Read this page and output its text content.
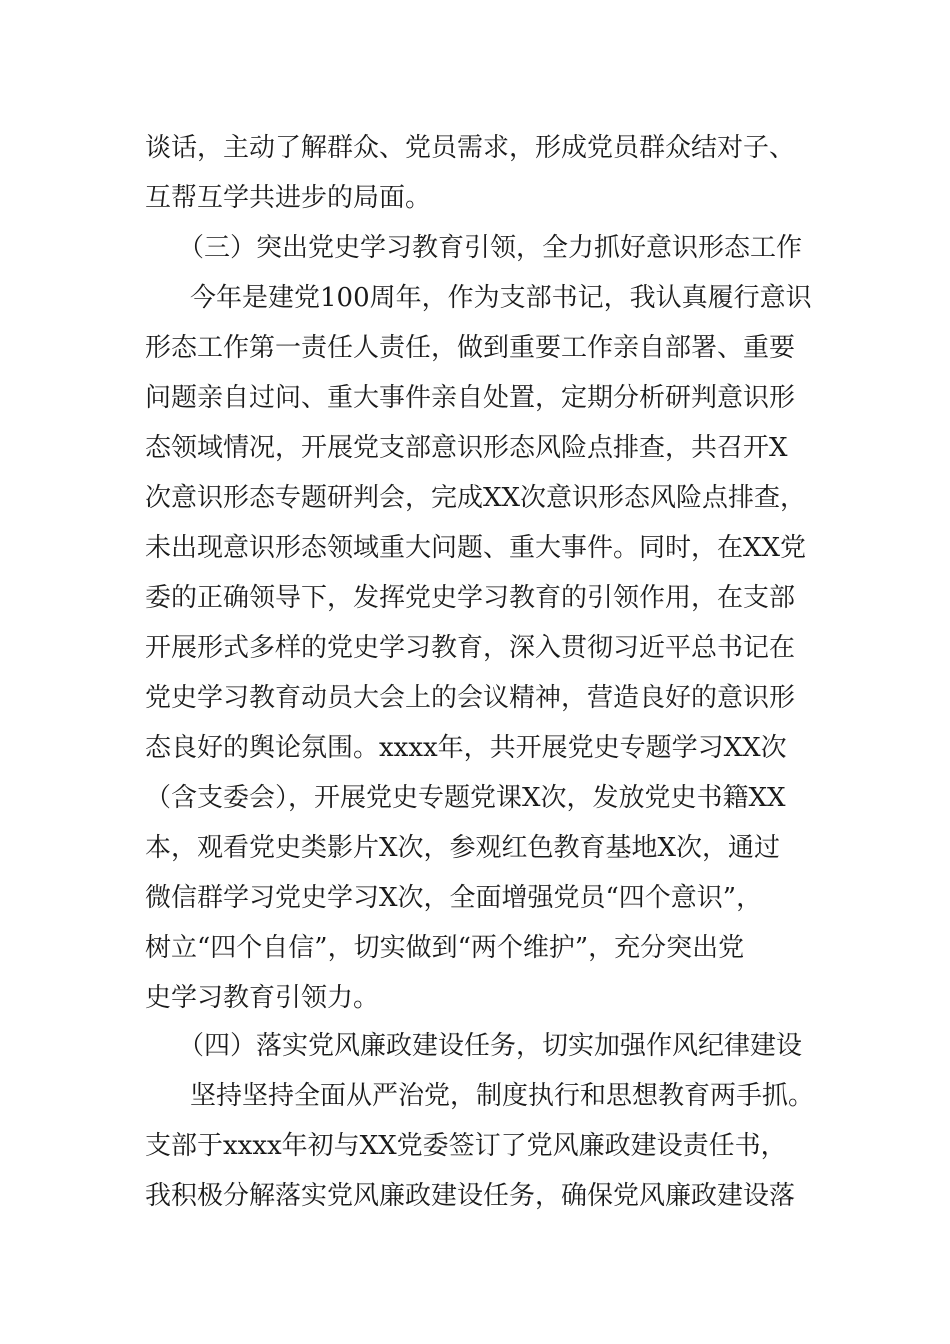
谈话，主动了解群众、党员需求，形成党员群众结对子、
互帮互学共进步的局面。
（三）突出党史学习教育引领，全力抓好意识形态工作
今年是建党100周年，作为支部书记，我认真履行意识
形态工作第一责任人责任，做到重要工作亲自部署、重要
问题亲自过问、重大事件亲自处置，定期分析研判意识形
态领域情况，开展党支部意识形态风险点排查，共召开X
次意识形态专题研判会，完成XX次意识形态风险点排查，
未出现意识形态领域重大问题、重大事件。同时，在XX党
委的正确领导下，发挥党史学习教育的引领作用，在支部
开展形式多样的党史学习教育，深入贯彻习近平总书记在
党史学习教育动员大会上的会议精神，营造良好的意识形
态良好的舆论氛围。xxxx年，共开展党史专题学习XX次
（含支委会），开展党史专题党课X次，发放党史书籍XX
本，观看党史类影片X次，参观红色教育基地X次，通过
微信群学习党史学习X次，全面增强党员“四个意识”，
树立“四个自信”，切实做到“两个维护”，充分突出党
史学习教育引领力。
（四）落实党风廉政建设任务，切实加强作风纪律建设
坚持坚持全面从严治党，制度执行和思想教育两手抓。
支部于xxxx年初与XX党委签订了党风廉政建设责任书，
我积极分解落实党风廉政建设任务，确保党风廉政建设落
